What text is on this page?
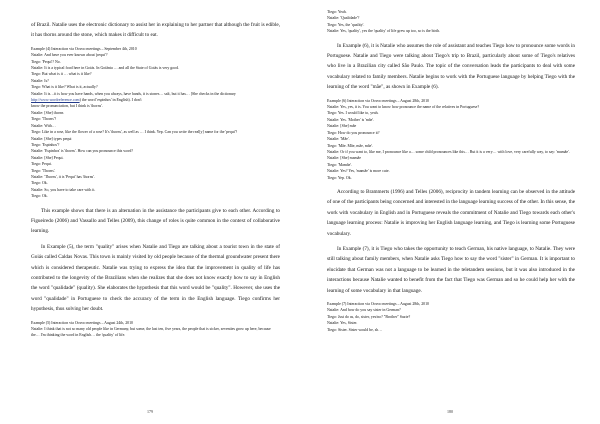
of Brazil. Natalie uses the electronic dictionary to assist her in explaining to her partner that although the fruit is edible, it has thorns around the stone, which makes it difficult to eat.

Example (4) Interaction via Oovoo meetings – September 4th, 2010
Natalie: And have you ever known about 'pequi'?
Tiego: 'Pequi'? No.
Natalie: It is a typical food here in Goiás. In Goiânia … and all the State of Goiás is very good.
Tiego: But what is it … what is it like?
Natalie: Is?
Tiego: What is it like? What is it, actually?
Natalie: It is…it is how you have hands, when you always, have hands, it is stones… salt, but it has… [She checks in the dictionary http://www.wordreference.com) the word 'espinhos' in English). I don't
know the pronunciation, but I think is 'thorns'.
Natalie: [She] thorns
Tiego: 'Thorns'?
Natalie: With…
Tiego: Like in a rose, like the flower of a rose? It's 'thorns', as well as … I think. Yep. Can you write the real[y] name for the 'pequi'?
Natalie: [She] types pequi
Tiego: 'Espinhos'?
Natalie: 'Espinhos' is 'thorns'. How can you pronounce this word?
Natalie: [She] Pequi.
Tiego: Pequi.
Tiego: 'Thorns'.
Natalie: 'Thorns', it is 'Pequi' has 'thorns'.
Tiego: Ok.
Natalie: So, you have to take care with it.
Tiego: Ok.

This example shows that there is an alternation in the assistance the participants give to each other. According to Figueiredo (2006) and Vassallo and Telles (2009), this change of roles is quite common in the context of collaborative learning.

In Example (5), the term "quality" arises when Natalie and Tiego are talking about a tourist town in the state of Goiás called Caldas Novas. This town is mainly visited by old people because of the thermal groundwater present there which is considered therapeutic. Natalie was trying to express the idea that the improvement in quality of life has contributed to the longevity of the Brazilians when she realizes that she does not know exactly how to say in English the word "qualidade" (quality). She elaborates the hypothesis that this word would be "quality". However, she uses the word "qualidade" in Portuguese to check the accuracy of the term in the English language. Tiego confirms her hypothesis, thus solving her doubt.

Example (5) Interaction via Oovoo meetings – August 24th, 2010
Natalie: I think that is not so many old people like in Germany, but some, the last ten, five years, the people that is sicker, seventies grow up here, because the… I'm thinking the word in English… the 'quality' of life.
179
Tiego: Yeah.
Natalie: 'Qualidade'?
Tiego: Yes, the 'quality'.
Natalie: Yes, 'quality', yes the 'quality' of life grew up too, so is the birth.

In Example (6), it is Natalie who assumes the role of assistant and teaches Tiego how to pronounce some words in Portuguese. Natalie and Tiego were talking about Tiego's trip to Brazil, particularly about some of Tiego's relatives who live in a Brazilian city called São Paulo. The topic of the conversation leads the participants to deal with some vocabulary related to family members. Natalie begins to work with the Portuguese language by helping Tiego with the learning of the word "mãe", as shown in Example (6).

Example (6) Interaction via Oovoo meetings – August 28th, 2010
Natalie: Yes, yes, it is. You want to know how pronounce the name of the relatives in Portuguese?
Tiego: Yes. I would like to, yeah.
Natalie: Yes. 'Mother' is 'mãe'.
Natalie: [She] mãe
Tiego: How do you pronounce it?
Natalie: 'Mãe'.
Tiego: 'Mãe. Mãe, mãe, mãe'.
Natalie: Or if you want to, like me, I pronounce like a… some child pronounces like this… But it is a very… with love, very carefully way, to say: 'mamãe'.
Natalie: [She] mamãe
Tiego: 'Mamãe'.
Natalie: Yes? Yes, 'mamãe' is more cute.
Tiego: Yep. Ok.

According to Brammerts (1996) and Telles (2006), reciprocity in tandem learning can be observed in the attitude of one of the participants being concerned and interested in the language learning success of the other. In this sense, the work with vocabulary in English and in Portuguese reveals the commitment of Natalie and Tiego towards each other's language learning process: Natalie is improving her English language learning, and Tiego is learning some Portuguese vocabulary.

In Example (7), it is Tiego who takes the opportunity to teach German, his native language, to Natalie. They were still talking about family members, when Natalie asks Tiego how to say the word "sister" in German. It is important to elucidate that German was not a language to be learned in the teletandem sessions, but it was also introduced in the interactions because Natalie wanted to benefit from the fact that Tiego was German and so he could help her with the learning of some vocabulary in that language.

Example (7) Interaction via Oovoo meetings – August 28th, 2010
Natalie: And how do you say sister in German?
Tiego: Just do as, do, sister, yes/no? "Brother" Suzie?
Natalie: Yes, Sister.
Tiego: Sister. Sister would be, sh…
180
